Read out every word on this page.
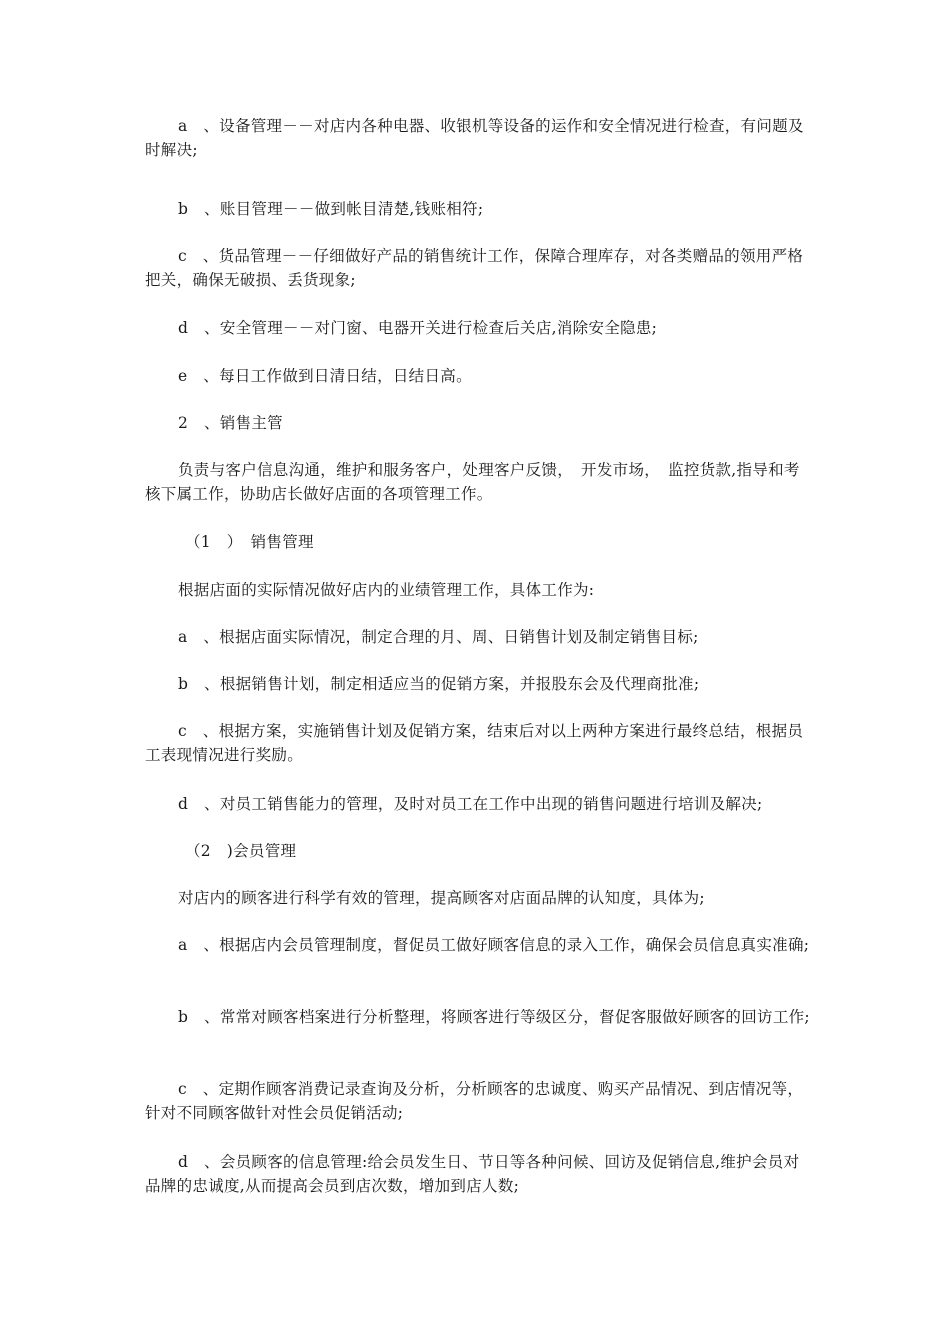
a　、设备管理－－对店内各种电器、收银机等设备的运作和安全情况进行检查，有问题及时解决;

b　、账目管理－－做到帐目清楚,钱账相符;

c　、货品管理－－仔细做好产品的销售统计工作，保障合理库存，对各类赠品的领用严格把关，确保无破损、丢货现象;

d　、安全管理－－对门窗、电器开关进行检查后关店,消除安全隐患;

e　、每日工作做到日清日结，日结日高。

2　、销售主管

负责与客户信息沟通，维护和服务客户，处理客户反馈，　开发市场，　监控货款,指导和考核下属工作，协助店长做好店面的各项管理工作。

（1　）　销售管理

根据店面的实际情况做好店内的业绩管理工作，具体工作为:

a　、根据店面实际情况，制定合理的月、周、日销售计划及制定销售目标;

b　、根据销售计划，制定相适应当的促销方案，并报股东会及代理商批准;

c　、根据方案，实施销售计划及促销方案，结束后对以上两种方案进行最终总结，根据员工表现情况进行奖励。

d　、对员工销售能力的管理，及时对员工在工作中出现的销售问题进行培训及解决;

（2　)会员管理

对店内的顾客进行科学有效的管理，提高顾客对店面品牌的认知度，具体为;

a　、根据店内会员管理制度，督促员工做好顾客信息的录入工作，确保会员信息真实准确;

b　、常常对顾客档案进行分析整理，将顾客进行等级区分，督促客服做好顾客的回访工作;

c　、定期作顾客消费记录查询及分析，分析顾客的忠诚度、购买产品情况、到店情况等，针对不同顾客做针对性会员促销活动;

d　、会员顾客的信息管理:给会员发生日、节日等各种问候、回访及促销信息,维护会员对品牌的忠诚度,从而提高会员到店次数，增加到店人数;
